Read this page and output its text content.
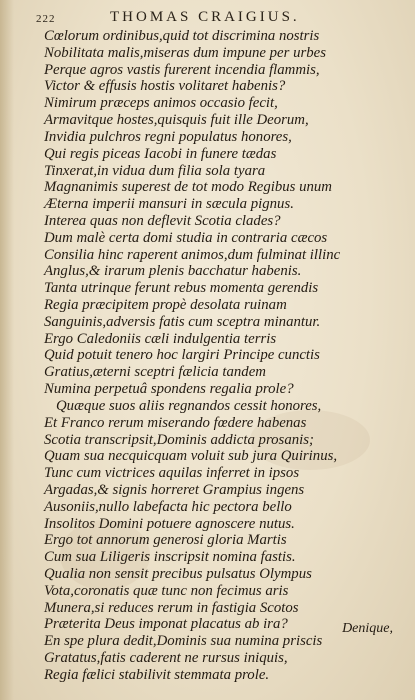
222	THOMAS CRAIGIUS.
Cœlorum ordinibus,quid tot discrimina nostris
Nobilitata malis,miseras dum impune per urbes
Perque agros vastis furerent incendia flammis,
Victor & effusis hostis volitaret habenis?
Nimirum præceps animos occasio fecit,
Armavitque hostes,quisquis fuit ille Deorum,
Invidia pulchros regni populatus honores,
Qui regis piceas Iacobi in funere tædas
Tinxerat,in vidua dum filia sola tyara
Magnanimis superest de tot modo Regibus unum
Æterna imperii mansuri in sæcula pignus.
Interea quas non deflevit Scotia clades?
Dum malè certa domi studia in contraria cæcos
Consilia hinc raperent animos,dum fulminat illinc
Anglus,& irarum plenis bacchatur habenis.
Tanta utrinque ferunt rebus momenta gerendis
Regia præcipitem propè desolata ruinam
Sanguinis,adversis fatis cum sceptra minantur.
Ergo Caledoniis cæli indulgentia terris
Quid potuit tenero hoc largiri Principe cunctis
Gratius,æterni sceptri fælicia tandem
Numina perpetuâ spondens regalia prole?
Quæque suos aliis regnandos cessit honores,
Et Franco rerum miserando fœdere habenas
Scotia transcripsit,Dominis addicta prosanis;
Quam sua necquicquam voluit sub jura Quirinus,
Tunc cum victrices aquilas inferret in ipsos
Argadas,& signis horreret Grampius ingens
Ausoniis,nullo labefacta hic pectora bello
Insolitos Domini potuere agnoscere nutus.
Ergo tot annorum generosi gloria Martis
Cum sua Liligeris inscripsit nomina fastis.
Qualia non sensit precibus pulsatus Olympus
Vota,coronatis quæ tunc non fecimus aris
Munera,si reduces rerum in fastigia Scotos
Præterita Deus imponat placatus ab ira?
En spe plura dedit,Dominis sua numina priscis
Gratatus,fatis caderent ne rursus iniquis,
Regia fælici stabilivit stemmata prole.
Denique,
